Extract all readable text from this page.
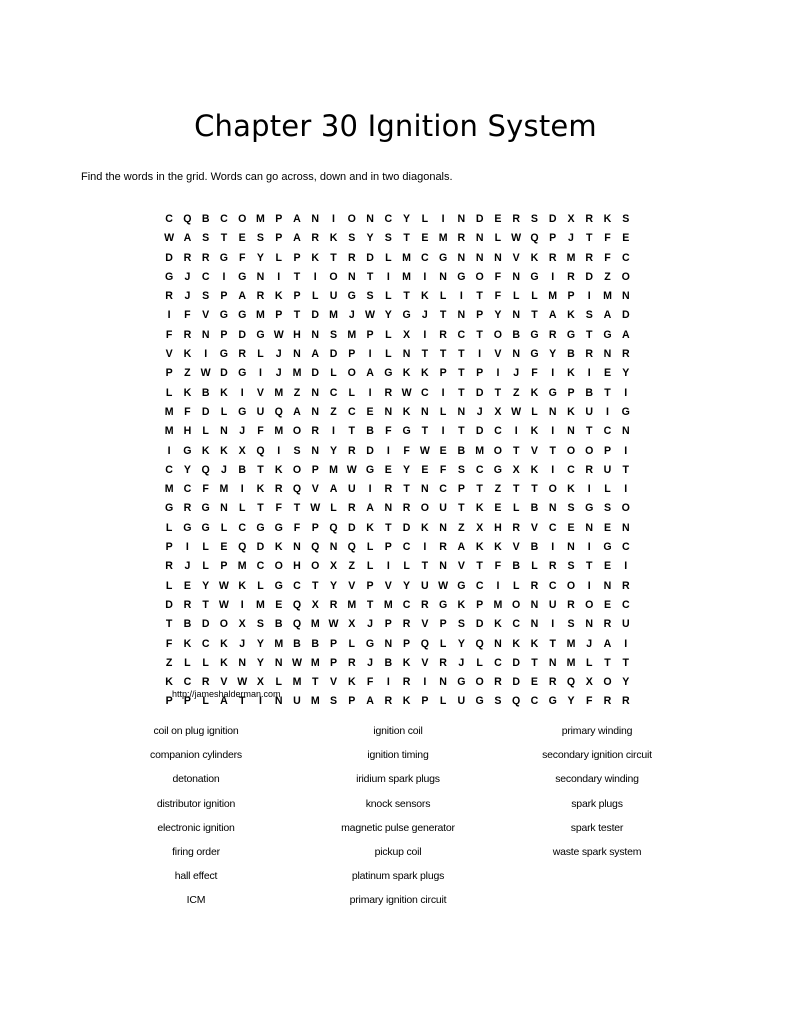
Chapter 30 Ignition System
Find the words in the grid. Words can go across, down and in two diagonals.
C Q B	C O M P	A	N	I	O N	C	Y	L	I	N	D	E	R	S	D	X	R	K	S
W A	S	T	E	S	P	A	R	K	S	Y	S	T	E M R	N	L W Q	P	J	T	F	E
D	R	R G	F	Y	L	P	K	T	R	D	L	M C G N	N	N	V	K	R M R	F	C
G	J	C	I	G N	I	T	I	O N	T	I	M	I	N G O	F	N G	I	R	D	Z	O
R	J	S	P	A	R	K	P	L	U G	S	L	T	K	L	I	T	F	L	L	M P	I	M N
I	F	V G G M P	T	D M	J W Y G	J	T	N	P	Y	N	T	A	K	S	A	D
F	R	N	P	D G W H	N	S M P	L	X	I	R	C	T	O B G R G	T	G A
V	K	I	G R	L	J	N	A	D	P	I	L	N	T	T	T	I	V	N G	Y	B	R	N	R
P	Z W D G	I	J	M D	L	O A G K	K	P	T	P	I	J	F	I	K	I	E	Y
L	K	B	K	I	V M	Z	N	C	L	I	R W C	I	T	D	T	Z	K G	P	B	T	I
M	F	D	L	G U Q A	N	Z	C	E	N	K	N	L	N	J	X W L	N	K	U	I	G
M H	L	N	J	F	M O R	I	T	B	F	G	T	I	T	D	C	I	K	I	N	T	C	N
I	G K	K	X Q	I	S	N	Y	R	D	I	F W E	B M O	T	V	T	O O	P	I
C	Y Q	J	B	T	K O	P M W G	E	Y	E	F	S	C G	X	K	I	C	R	U	T
M C	F	M	I	K	R Q	V	A	U	I	R	T	N	C	P	T	Z	T	T	O K	I	L	I
G R G N	L	T	F	T W L	R	A	N	R O U	T	K	E	L	B	N	S G	S O
L	G G	L	C G G	F	P Q D	K	T	D	K	N	Z	X	H	R	V	C	E	N	E	N
P	I	L	E Q D	K	N Q N Q	L	P	C	I	R	A	K	K	V	B	I	N	I	G C
R	J	L	P M C O H O	X	Z	L	I	L	T	N	V	T	F	B	L	R	S	T	E	I
L	E	Y W K	L	G C	T	Y	V	P	V	Y	U W G C	I	L	R	C O	I	N	R
D	R	T W	I	M E Q	X	R M	T	M C	R G K	P M O N	U	R O	E	C
T	B	D O	X	S	B Q M W X	J	P	R	V	P	S	D	K	C	N	I	S	N	R	U
F	K	C	K	J	Y M B	B	P	L	G N	P Q	L	Y Q N	K	K	T	M	J	A	I
Z	L	L	K	N	Y	N W M P	R	J	B	K	V	R	J	L	C	D	T	N M	L	T	T
K	C	R	V W X	L	M	T	V	K	F	I	R	I	N G O R	D	E	R Q	X O	Y
P	P	L	A	T	I	N	U M S	P	A	R	K	P	L	U G	S Q C G	Y	F	R	R
http://jameshalderman.com
coil on plug ignition
companion cylinders
detonation
distributor ignition
electronic ignition
firing order
hall effect
ICM
ignition coil
ignition timing
iridium spark plugs
knock sensors
magnetic pulse generator
pickup coil
platinum spark plugs
primary ignition circuit
primary winding
secondary ignition circuit
secondary winding
spark plugs
spark tester
waste spark system
